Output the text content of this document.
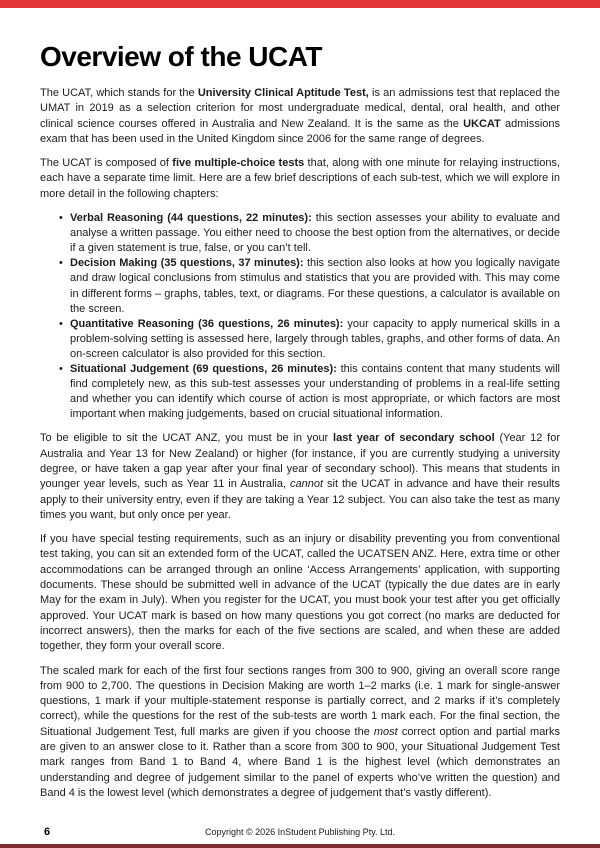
Overview of the UCAT

The UCAT, which stands for the University Clinical Aptitude Test, is an admissions test that replaced the UMAT in 2019 as a selection criterion for most undergraduate medical, dental, oral health, and other clinical science courses offered in Australia and New Zealand. It is the same as the UKCAT admissions exam that has been used in the United Kingdom since 2006 for the same range of degrees.

The UCAT is composed of five multiple-choice tests that, along with one minute for relaying instructions, each have a separate time limit. Here are a few brief descriptions of each sub-test, which we will explore in more detail in the following chapters:

• Verbal Reasoning (44 questions, 22 minutes): this section assesses your ability to evaluate and analyse a written passage. You either need to choose the best option from the alternatives, or decide if a given statement is true, false, or you can’t tell.
• Decision Making (35 questions, 37 minutes): this section also looks at how you logically navigate and draw logical conclusions from stimulus and statistics that you are provided with. This may come in different forms – graphs, tables, text, or diagrams. For these questions, a calculator is available on the screen.
• Quantitative Reasoning (36 questions, 26 minutes): your capacity to apply numerical skills in a problem-solving setting is assessed here, largely through tables, graphs, and other forms of data. An on-screen calculator is also provided for this section.
• Situational Judgement (69 questions, 26 minutes): this contains content that many students will find completely new, as this sub-test assesses your understanding of problems in a real-life setting and whether you can identify which course of action is most appropriate, or which factors are most important when making judgements, based on crucial situational information.

To be eligible to sit the UCAT ANZ, you must be in your last year of secondary school (Year 12 for Australia and Year 13 for New Zealand) or higher (for instance, if you are currently studying a university degree, or have taken a gap year after your final year of secondary school). This means that students in younger year levels, such as Year 11 in Australia, cannot sit the UCAT in advance and have their results apply to their university entry, even if they are taking a Year 12 subject. You can also take the test as many times you want, but only once per year.

If you have special testing requirements, such as an injury or disability preventing you from conventional test taking, you can sit an extended form of the UCAT, called the UCATSEN ANZ. Here, extra time or other accommodations can be arranged through an online ‘Access Arrangements’ application, with supporting documents. These should be submitted well in advance of the UCAT (typically the due dates are in early May for the exam in July). When you register for the UCAT, you must book your test after you get officially approved. Your UCAT mark is based on how many questions you got correct (no marks are deducted for incorrect answers), then the marks for each of the five sections are scaled, and when these are added together, they form your overall score.

The scaled mark for each of the first four sections ranges from 300 to 900, giving an overall score range from 900 to 2,700. The questions in Decision Making are worth 1–2 marks (i.e. 1 mark for single-answer questions, 1 mark if your multiple-statement response is partially correct, and 2 marks if it’s completely correct), while the questions for the rest of the sub-tests are worth 1 mark each. For the final section, the Situational Judgement Test, full marks are given if you choose the most correct option and partial marks are given to an answer close to it. Rather than a score from 300 to 900, your Situational Judgement Test mark ranges from Band 1 to Band 4, where Band 1 is the highest level (which demonstrates an understanding and degree of judgement similar to the panel of experts who’ve written the question) and Band 4 is the lowest level (which demonstrates a degree of judgement that’s vastly different).

6	Copyright © 2026 InStudent Publishing Pty. Ltd.
